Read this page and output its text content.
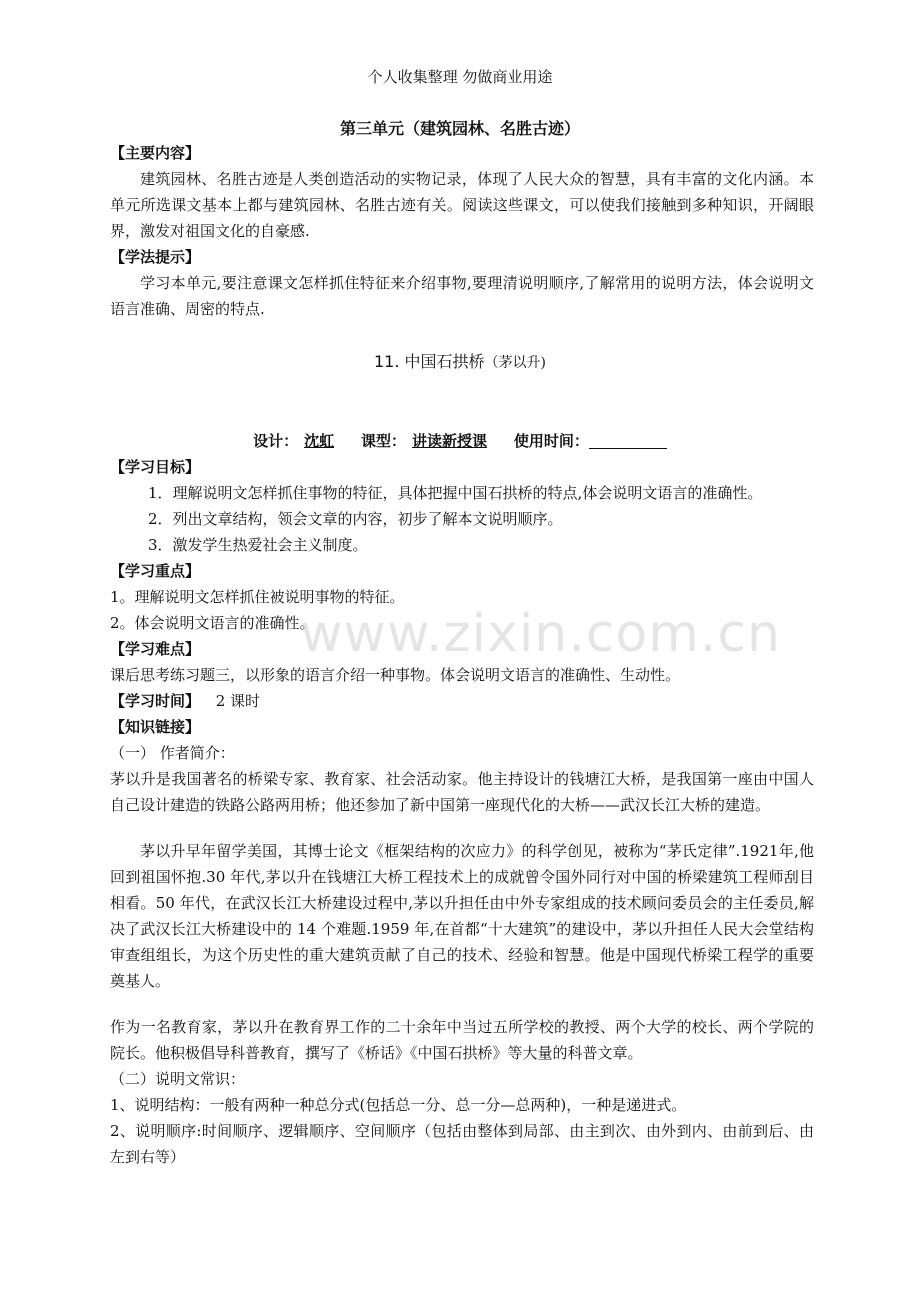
个人收集整理 勿做商业用途
第三单元（建筑园林、名胜古迹）
【主要内容】
建筑园林、名胜古迹是人类创造活动的实物记录，体现了人民大众的智慧，具有丰富的文化内涵。本单元所选课文基本上都与建筑园林、名胜古迹有关。阅读这些课文，可以使我们接触到多种知识，开阔眼界，激发对祖国文化的自豪感.
【学法提示】
学习本单元,要注意课文怎样抓住特征来介绍事物,要理清说明顺序,了解常用的说明方法，体会说明文语言准确、周密的特点.
11. 中国石拱桥（茅以升)
设计： 沈虹 课型： 讲读新授课 使用时间：
【学习目标】
1．理解说明文怎样抓住事物的特征，具体把握中国石拱桥的特点,体会说明文语言的准确性。
2．列出文章结构，领会文章的内容，初步了解本文说明顺序。
3．激发学生热爱社会主义制度。
【学习重点】
1。理解说明文怎样抓住被说明事物的特征。
2。体会说明文语言的准确性。
【学习难点】
课后思考练习题三，以形象的语言介绍一种事物。体会说明文语言的准确性、生动性。
【学习时间】 2 课时
【知识链接】
（一） 作者简介：
茅以升是我国著名的桥梁专家、教育家、社会活动家。他主持设计的钱塘江大桥，是我国第一座由中国人自己设计建造的铁路公路两用桥；他还参加了新中国第一座现代化的大桥——武汉长江大桥的建造。
茅以升早年留学美国，其博士论文《框架结构的次应力》的科学创见，被称为“茅氏定律”.1921年,他回到祖国怀抱.30 年代,茅以升在钱塘江大桥工程技术上的成就曾令国外同行对中国的桥梁建筑工程师刮目相看。50 年代，在武汉长江大桥建设过程中,茅以升担任由中外专家组成的技术顾问委员会的主任委员,解决了武汉长江大桥建设中的 14 个难题.1959 年,在首都“十大建筑”的建设中，茅以升担任人民大会堂结构审查组组长，为这个历史性的重大建筑贡献了自己的技术、经验和智慧。他是中国现代桥梁工程学的重要奠基人。
作为一名教育家，茅以升在教育界工作的二十余年中当过五所学校的教授、两个大学的校长、两个学院的院长。他积极倡导科普教育，撰写了《桥话》《中国石拱桥》等大量的科普文章。
（二）说明文常识：
1、说明结构：一般有两种一种总分式(包括总一分、总一分—总两种)，一种是递进式。
2、说明顺序:时间顺序、逻辑顺序、空间顺序（包括由整体到局部、由主到次、由外到内、由前到后、由左到右等）
www.zixin.com.cn
